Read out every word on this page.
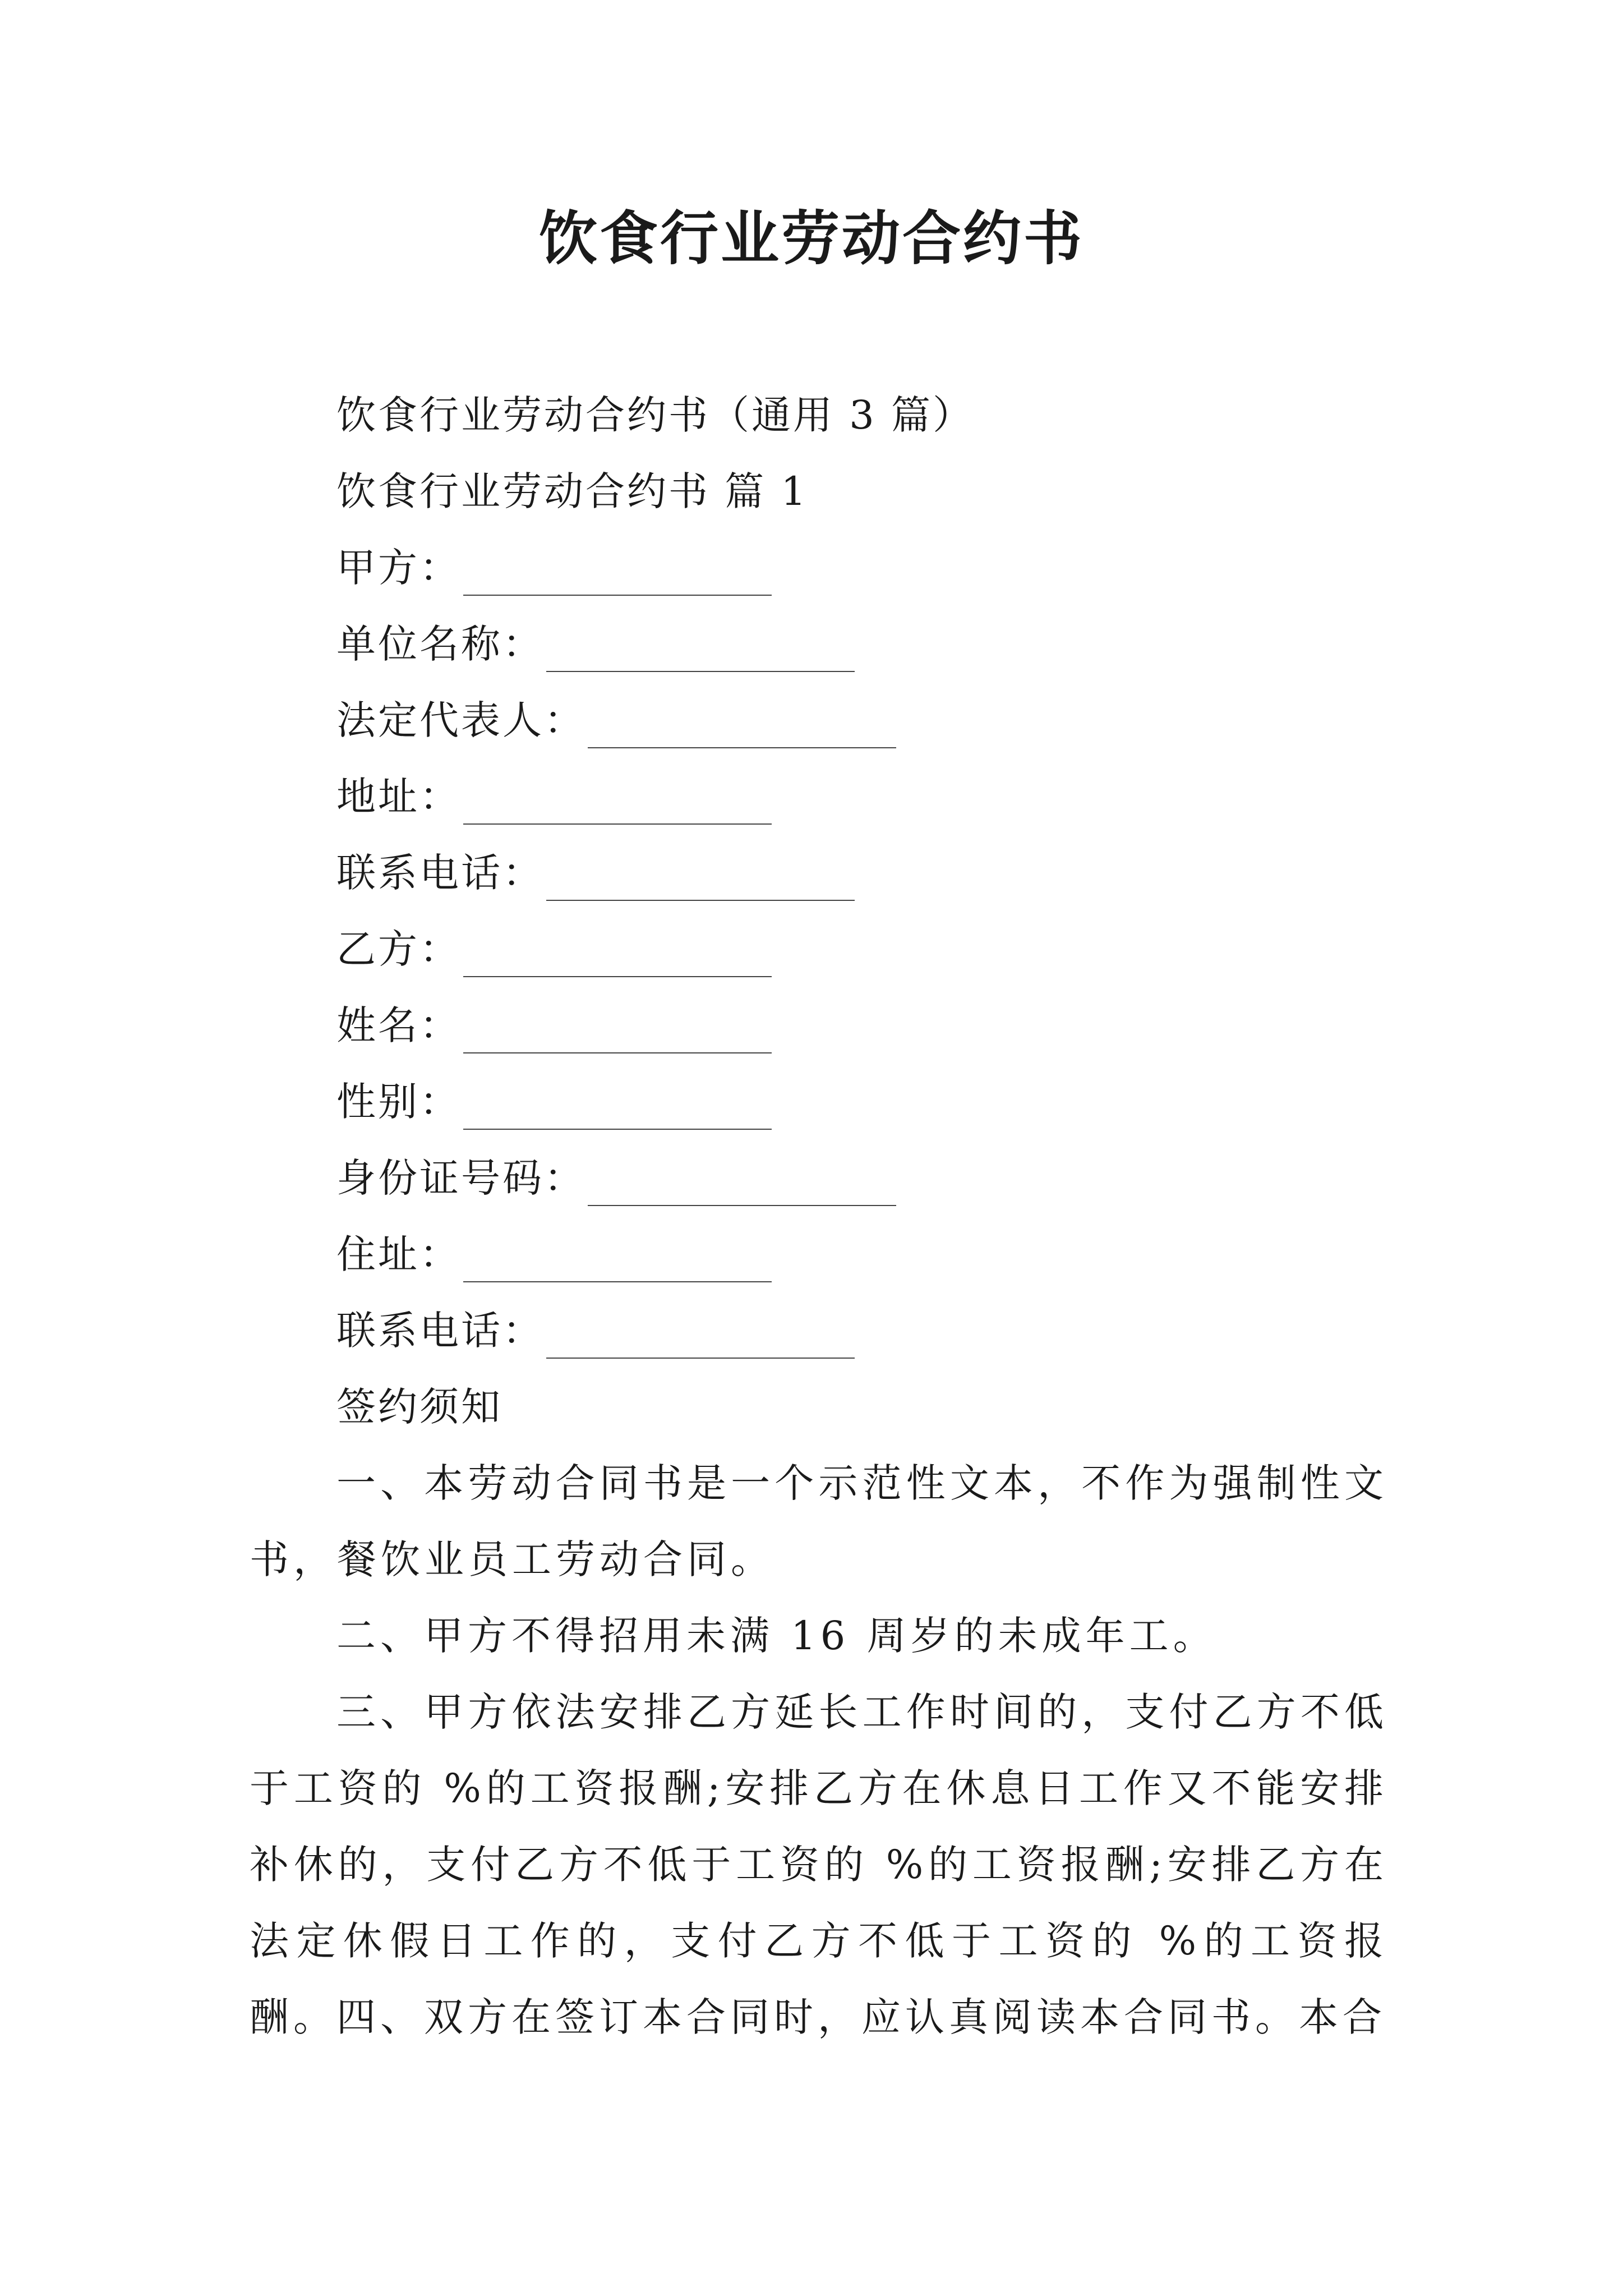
饮食行业劳动合约书
饮食行业劳动合约书（通用 3 篇）
饮食行业劳动合约书 篇 1
甲方：
单位名称：
法定代表人：
地址：
联系电话：
乙方：
姓名：
性别：
身份证号码：
住址：
联系电话：
签约须知

一、本劳动合同书是一个示范性文本，不作为强制性文书，餐饮业员工劳动合同。

二、甲方不得招用未满 16 周岁的未成年工。

三、甲方依法安排乙方延长工作时间的，支付乙方不低于工资的 %的工资报酬;安排乙方在休息日工作又不能安排补休的，支付乙方不低于工资的 %的工资报酬;安排乙方在法定休假日工作的，支付乙方不低于工资的 %的工资报酬。 四、双方在签订本合同时，应认真阅读本合同书。本合
